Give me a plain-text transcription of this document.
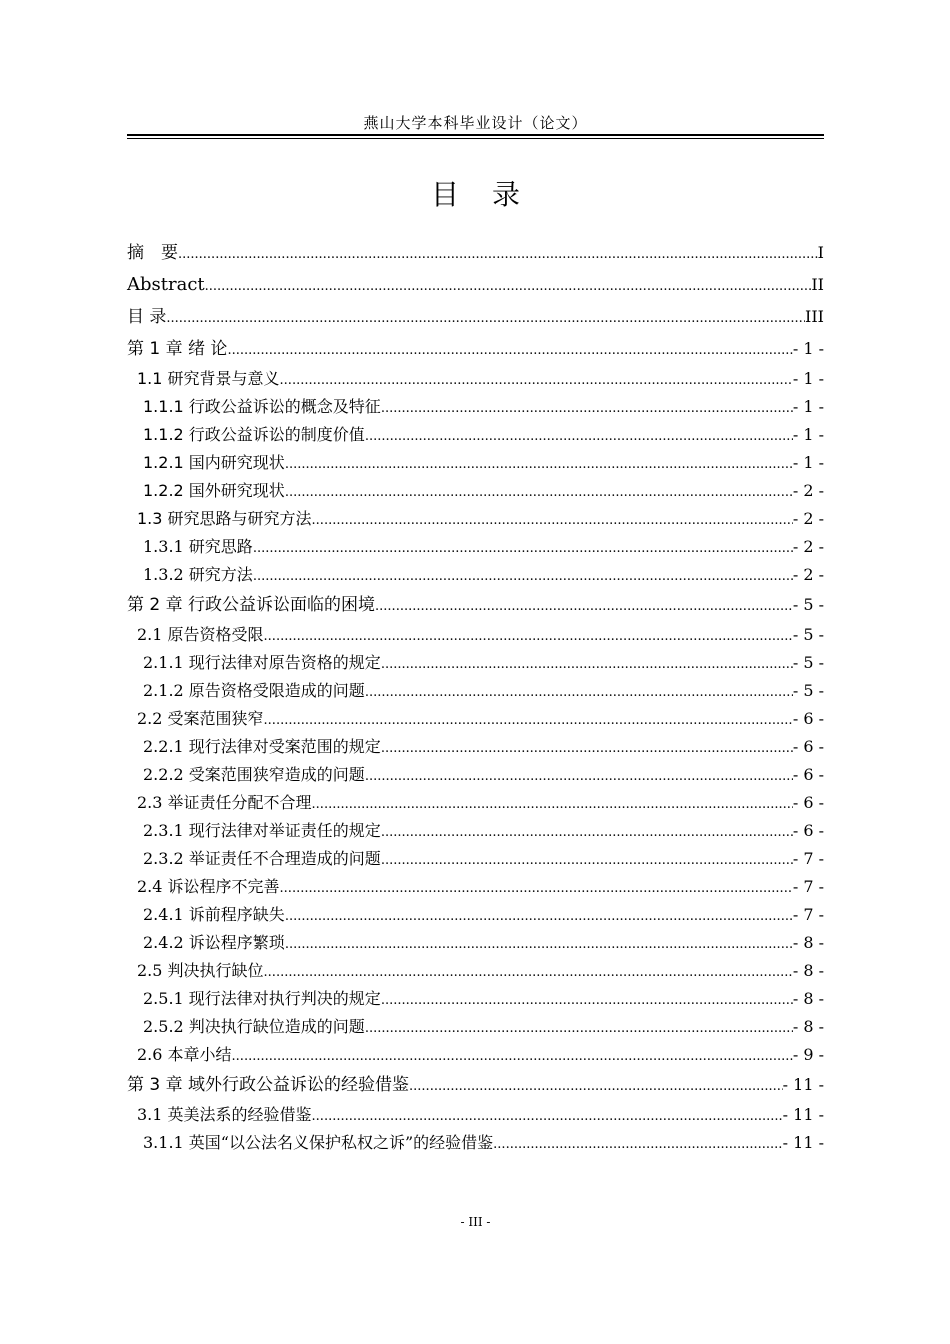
燕山大学本科毕业设计（论文）
目 录
摘　要 .....	I
Abstract .....	II
目 录 .....	III
第 1 章 绪 论 .....	- 1 -
1.1 研究背景与意义 .....	- 1 -
1.1.1 行政公益诉讼的概念及特征 .....	- 1 -
1.1.2 行政公益诉讼的制度价值 .....	- 1 -
1.2.1 国内研究现状 .....	- 1 -
1.2.2 国外研究现状 .....	- 2 -
1.3 研究思路与研究方法 .....	- 2 -
1.3.1 研究思路 .....	- 2 -
1.3.2 研究方法 .....	- 2 -
第 2 章 行政公益诉讼面临的困境 .....	- 5 -
2.1 原告资格受限 .....	- 5 -
2.1.1 现行法律对原告资格的规定 .....	- 5 -
2.1.2 原告资格受限造成的问题 .....	- 5 -
2.2 受案范围狭窄 .....	- 6 -
2.2.1 现行法律对受案范围的规定 .....	- 6 -
2.2.2 受案范围狭窄造成的问题 .....	- 6 -
2.3 举证责任分配不合理 .....	- 6 -
2.3.1 现行法律对举证责任的规定 .....	- 6 -
2.3.2 举证责任不合理造成的问题 .....	- 7 -
2.4 诉讼程序不完善 .....	- 7 -
2.4.1 诉前程序缺失 .....	- 7 -
2.4.2 诉讼程序繁琐 .....	- 8 -
2.5 判决执行缺位 .....	- 8 -
2.5.1 现行法律对执行判决的规定 .....	- 8 -
2.5.2 判决执行缺位造成的问题 .....	- 8 -
2.6 本章小结 .....	- 9 -
第 3 章 域外行政公益诉讼的经验借鉴 .....	- 11 -
3.1 英美法系的经验借鉴 .....	- 11 -
3.1.1 英国“以公法名义保护私权之诉”的经验借鉴 .....	- 11 -
- III -
